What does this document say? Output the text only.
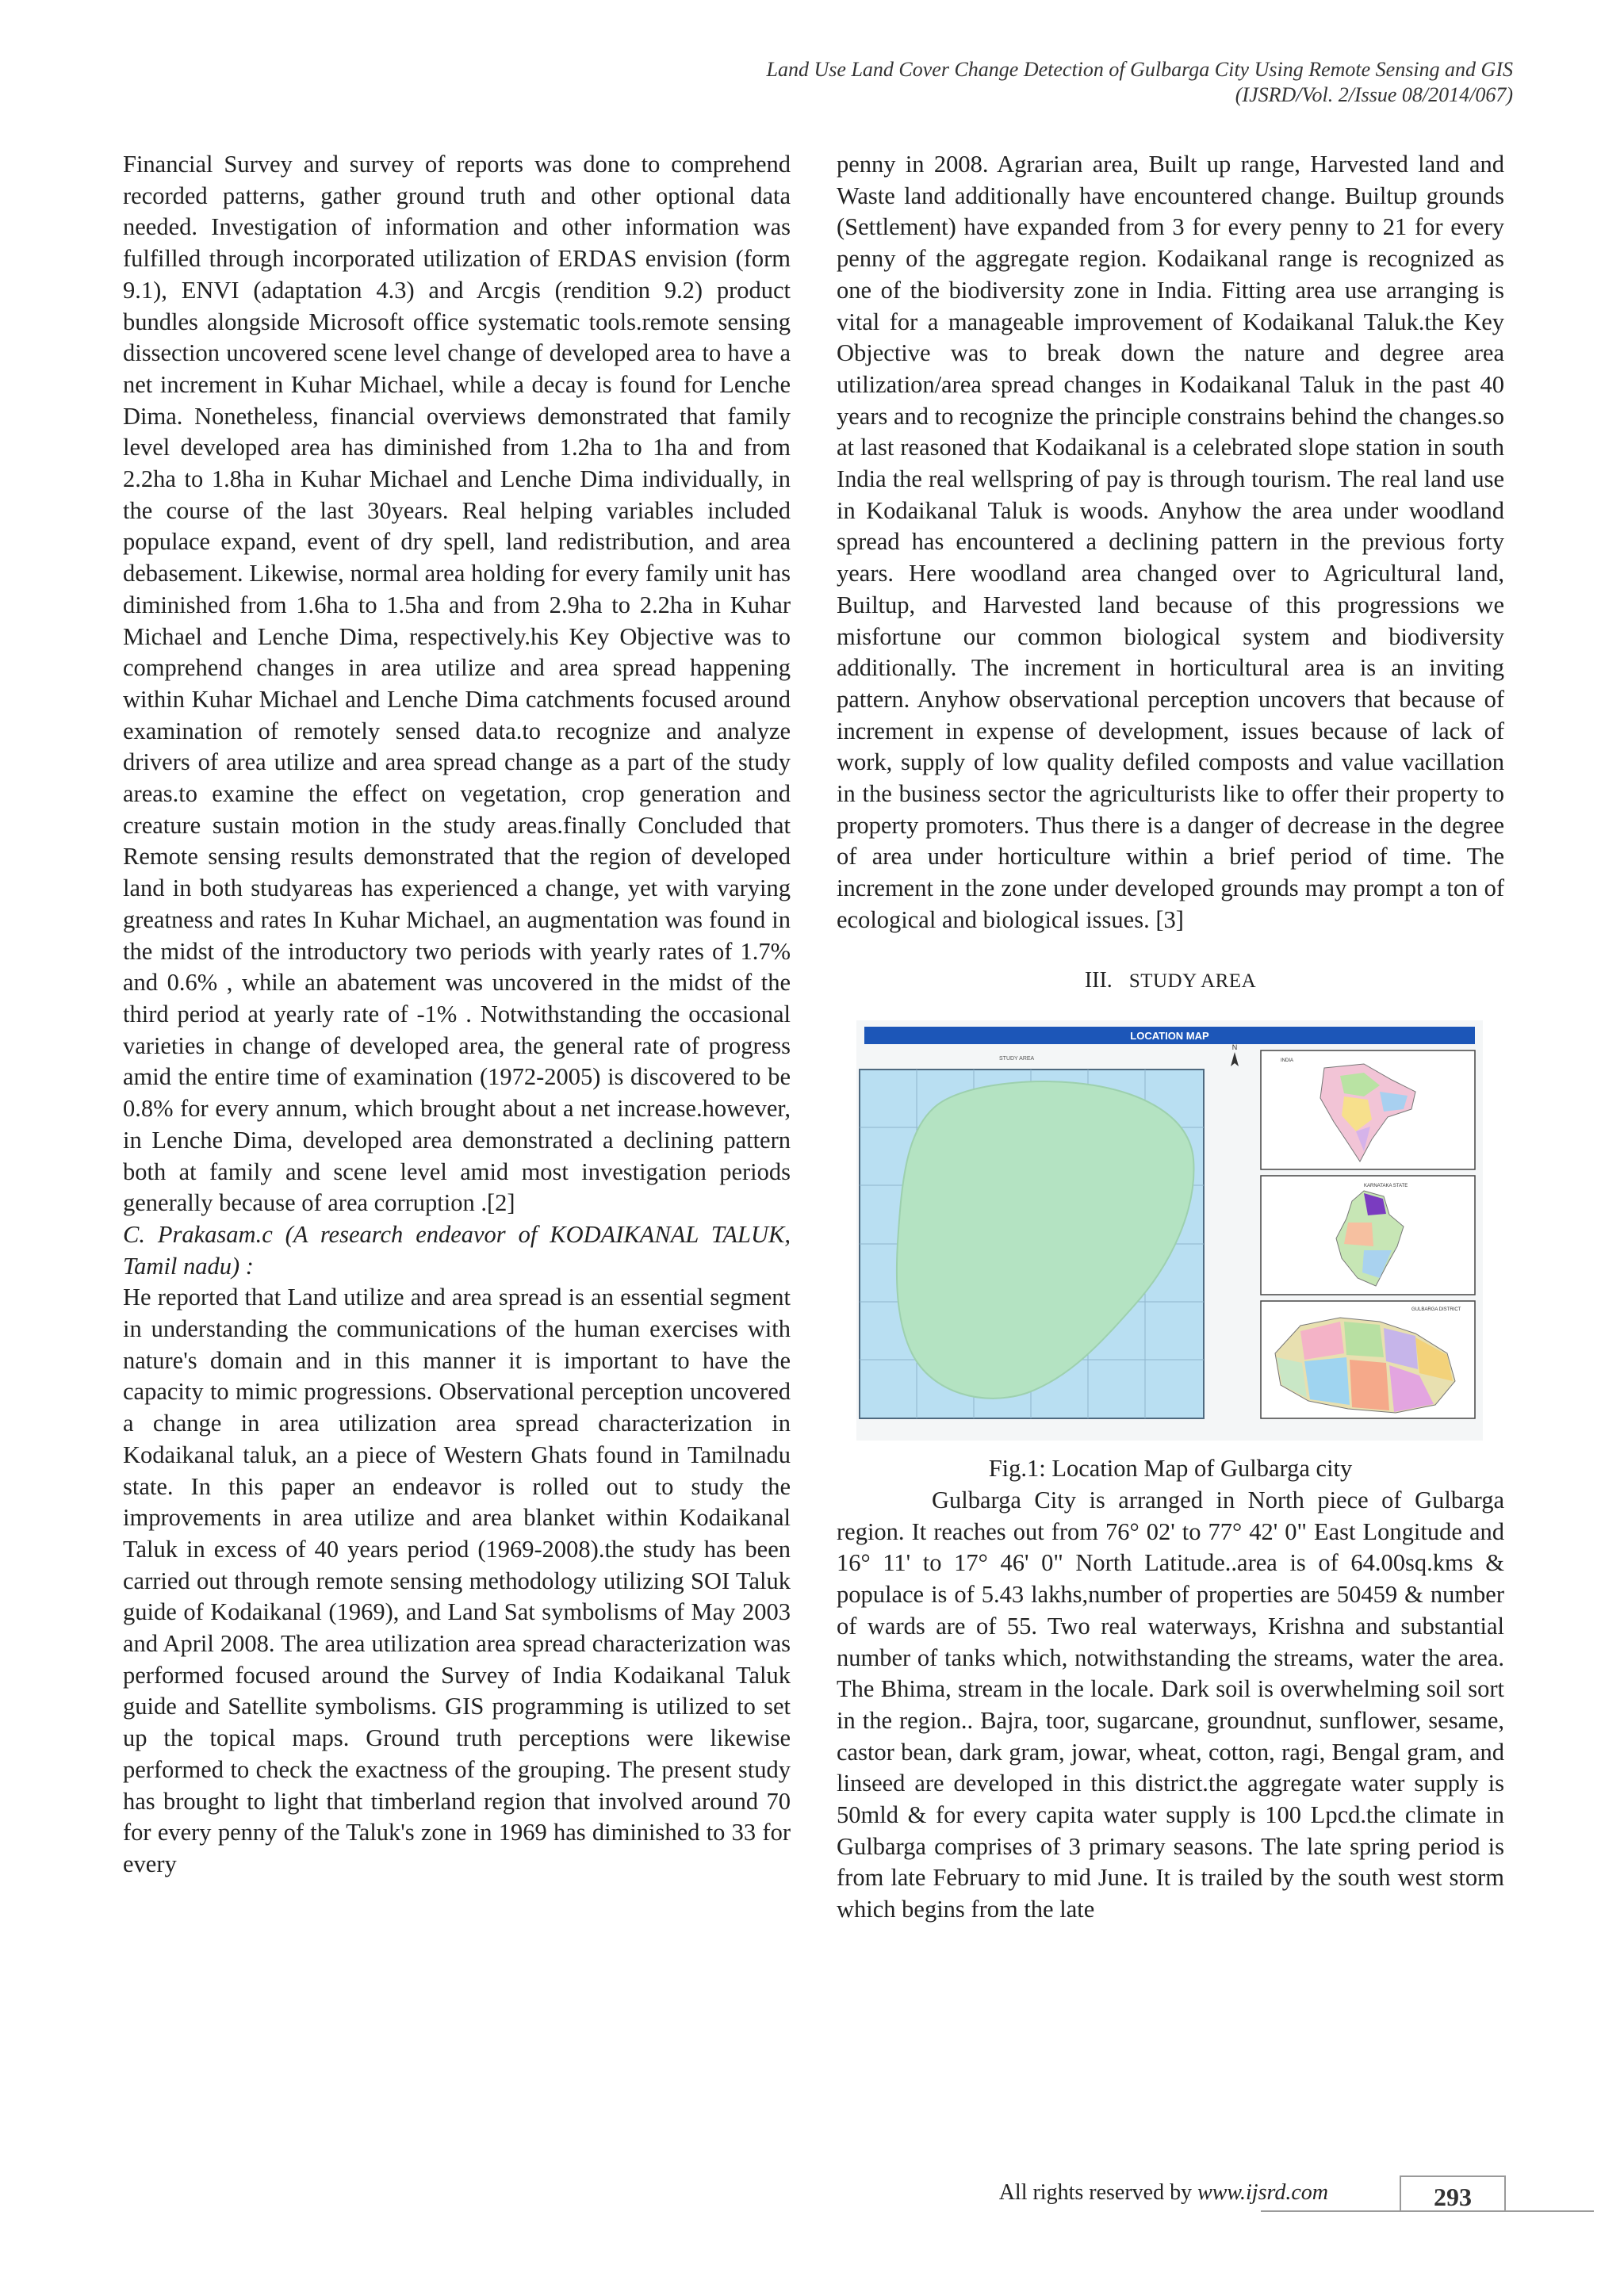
Land Use Land Cover Change Detection of Gulbarga City Using Remote Sensing and GIS
(IJSRD/Vol. 2/Issue 08/2014/067)

Financial Survey and survey of reports was done to comprehend recorded patterns, gather ground truth and other optional data needed. Investigation of information and other information was fulfilled through incorporated utilization of ERDAS envision (form 9.1), ENVI (adaptation 4.3) and Arcgis (rendition 9.2) product bundles alongside Microsoft office systematic tools.remote sensing dissection uncovered scene level change of developed area to have a net increment in Kuhar Michael, while a decay is found for Lenche Dima. Nonetheless, financial overviews demonstrated that family level developed area has diminished from 1.2ha to 1ha and from 2.2ha to 1.8ha in Kuhar Michael and Lenche Dima individually, in the course of the last 30years. Real helping variables included populace expand, event of dry spell, land redistribution, and area debasement. Likewise, normal area holding for every family unit has diminished from 1.6ha to 1.5ha and from 2.9ha to 2.2ha in Kuhar Michael and Lenche Dima, respectively.his Key Objective was to comprehend changes in area utilize and area spread happening within Kuhar Michael and Lenche Dima catchments focused around examination of remotely sensed data.to recognize and analyze drivers of area utilize and area spread change as a part of the study areas.to examine the effect on vegetation, crop generation and creature sustain motion in the study areas.finally Concluded that Remote sensing results demonstrated that the region of developed land in both studyareas has experienced a change, yet with varying greatness and rates In Kuhar Michael, an augmentation was found in the midst of the introductory two periods with yearly rates of 1.7% and 0.6% , while an abatement was uncovered in the midst of the third period at yearly rate of -1% . Notwithstanding the occasional varieties in change of developed area, the general rate of progress amid the entire time of examination (1972-2005) is discovered to be 0.8% for every annum, which brought about a net increase.however, in Lenche Dima, developed area demonstrated a declining pattern both at family and scene level amid most investigation periods generally because of area corruption .[2]

C. Prakasam.c (A research endeavor of KODAIKANAL TALUK, Tamil nadu) :

He reported that Land utilize and area spread is an essential segment in understanding the communications of the human exercises with nature's domain and in this manner it is important to have the capacity to mimic progressions. Observational perception uncovered a change in area utilization area spread characterization in Kodaikanal taluk, an a piece of Western Ghats found in Tamilnadu state. In this paper an endeavor is rolled out to study the improvements in area utilize and area blanket within Kodaikanal Taluk in excess of 40 years period (1969-2008).the study has been carried out through remote sensing methodology utilizing SOI Taluk guide of Kodaikanal (1969), and Land Sat symbolisms of May 2003 and April 2008. The area utilization area spread characterization was performed focused around the Survey of India Kodaikanal Taluk guide and Satellite symbolisms. GIS programming is utilized to set up the topical maps. Ground truth perceptions were likewise performed to check the exactness of the grouping. The present study has brought to light that timberland region that involved around 70 for every penny of the Taluk's zone in 1969 has diminished to 33 for every

penny in 2008. Agrarian area, Built up range, Harvested land and Waste land additionally have encountered change. Builtup grounds (Settlement) have expanded from 3 for every penny to 21 for every penny of the aggregate region. Kodaikanal range is recognized as one of the biodiversity zone in India. Fitting area use arranging is vital for a manageable improvement of Kodaikanal Taluk.the Key Objective was to break down the nature and degree area utilization/area spread changes in Kodaikanal Taluk in the past 40 years and to recognize the principle constrains behind the changes.so at last reasoned that Kodaikanal is a celebrated slope station in south India the real wellspring of pay is through tourism. The real land use in Kodaikanal Taluk is woods. Anyhow the area under woodland spread has encountered a declining pattern in the previous forty years. Here woodland area changed over to Agricultural land, Builtup, and Harvested land because of this progressions we misfortune our common biological system and biodiversity additionally. The increment in horticultural area is an inviting pattern. Anyhow observational perception uncovers that because of increment in expense of development, issues because of lack of work, supply of low quality defiled composts and value vacillation in the business sector the agriculturists like to offer their property to property promoters. Thus there is a danger of decrease in the degree of area under horticulture within a brief period of time. The increment in the zone under developed grounds may prompt a ton of ecological and biological issues. [3]

III. STUDY AREA

LOCATION MAP
STUDY AREA
N
INDIA
KARNATAKA STATE
GULBARGA DISTRICT

Fig.1: Location Map of Gulbarga city

Gulbarga City is arranged in North piece of Gulbarga region. It reaches out from 76° 02' to 77° 42' 0" East Longitude and 16° 11' to 17° 46' 0" North Latitude..area is of 64.00sq.kms & populace is of 5.43 lakhs,number of properties are 50459 & number of wards are of 55. Two real waterways, Krishna and substantial number of tanks which, notwithstanding the streams, water the area. The Bhima, stream in the locale. Dark soil is overwhelming soil sort in the region.. Bajra, toor, sugarcane, groundnut, sunflower, sesame, castor bean, dark gram, jowar, wheat, cotton, ragi, Bengal gram, and linseed are developed in this district.the aggregate water supply is 50mld & for every capita water supply is 100 Lpcd.the climate in Gulbarga comprises of 3 primary seasons. The late spring period is from late February to mid June. It is trailed by the south west storm which begins from the late

All rights reserved by www.ijsrd.com	293
